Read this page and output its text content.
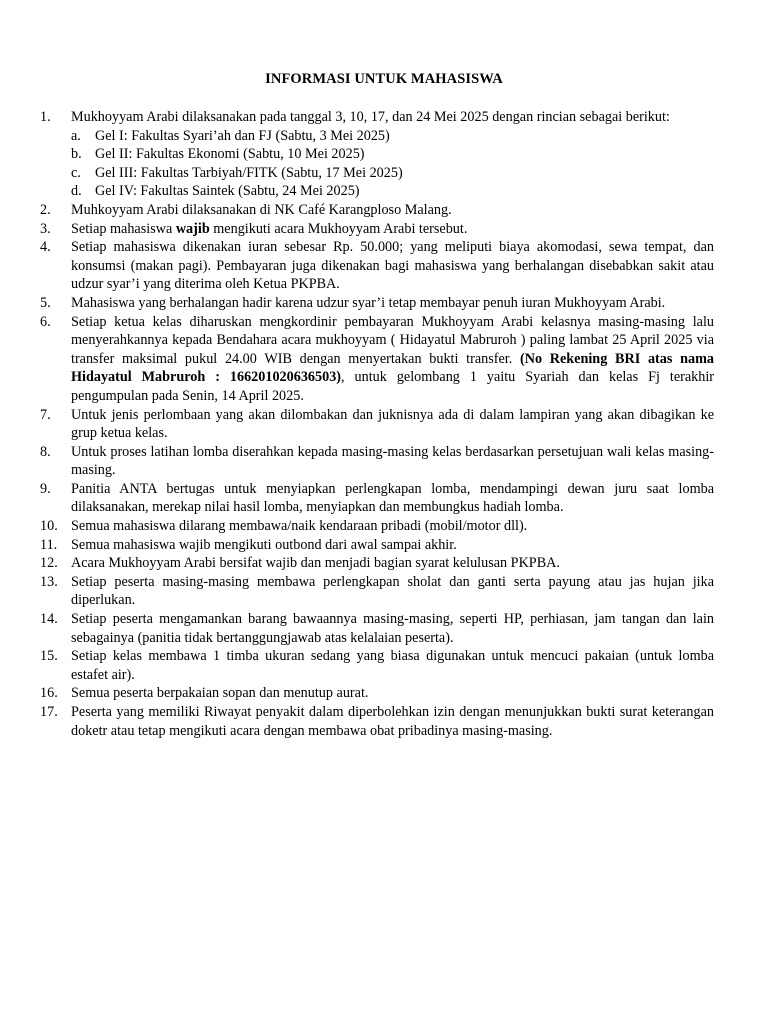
INFORMASI UNTUK MAHASISWA
1. Mukhoyyam Arabi dilaksanakan pada tanggal 3, 10, 17, dan 24 Mei 2025 dengan rincian sebagai berikut:
a. Gel I: Fakultas Syari’ah dan FJ (Sabtu, 3 Mei 2025)
b. Gel II: Fakultas Ekonomi (Sabtu, 10 Mei 2025)
c. Gel III: Fakultas Tarbiyah/FITK (Sabtu, 17 Mei 2025)
d. Gel IV: Fakultas Saintek (Sabtu, 24 Mei 2025)
2. Muhkoyyam Arabi dilaksanakan di NK Café Karangploso Malang.
3. Setiap mahasiswa wajib mengikuti acara Mukhoyyam Arabi tersebut.
4. Setiap mahasiswa dikenakan iuran sebesar Rp. 50.000; yang meliputi biaya akomodasi, sewa tempat, dan konsumsi (makan pagi). Pembayaran juga dikenakan bagi mahasiswa yang berhalangan disebabkan sakit atau udzur syar’i yang diterima oleh Ketua PKPBA.
5. Mahasiswa yang berhalangan hadir karena udzur syar’i tetap membayar penuh iuran Mukhoyyam Arabi.
6. Setiap ketua kelas diharuskan mengkordinir pembayaran Mukhoyyam Arabi kelasnya masing-masing lalu menyerahkannya kepada Bendahara acara mukhoyyam ( Hidayatul Mabruroh ) paling lambat 25 April 2025 via transfer maksimal pukul 24.00 WIB dengan menyertakan bukti transfer. (No Rekening BRI atas nama Hidayatul Mabruroh : 166201020636503), untuk gelombang 1 yaitu Syariah dan kelas Fj terakhir pengumpulan pada Senin, 14 April 2025.
7. Untuk jenis perlombaan yang akan dilombakan dan juknisnya ada di dalam lampiran yang akan dibagikan ke grup ketua kelas.
8. Untuk proses latihan lomba diserahkan kepada masing-masing kelas berdasarkan persetujuan wali kelas masing-masing.
9. Panitia ANTA bertugas untuk menyiapkan perlengkapan lomba, mendampingi dewan juru saat lomba dilaksanakan, merekap nilai hasil lomba, menyiapkan dan membungkus hadiah lomba.
10. Semua mahasiswa dilarang membawa/naik kendaraan pribadi (mobil/motor dll).
11. Semua mahasiswa wajib mengikuti outbond dari awal sampai akhir.
12. Acara Mukhoyyam Arabi bersifat wajib dan menjadi bagian syarat kelulusan PKPBA.
13. Setiap peserta masing-masing membawa perlengkapan sholat dan ganti serta payung atau jas hujan jika diperlukan.
14. Setiap peserta mengamankan barang bawaannya masing-masing, seperti HP, perhiasan, jam tangan dan lain sebagainya (panitia tidak bertanggungjawab atas kelalaian peserta).
15. Setiap kelas membawa 1 timba ukuran sedang yang biasa digunakan untuk mencuci pakaian (untuk lomba estafet air).
16. Semua peserta berpakaian sopan dan menutup aurat.
17. Peserta yang memiliki Riwayat penyakit dalam diperbolehkan izin dengan menunjukkan bukti surat keterangan doketr atau tetap mengikuti acara dengan membawa obat pribadinya masing-masing.
